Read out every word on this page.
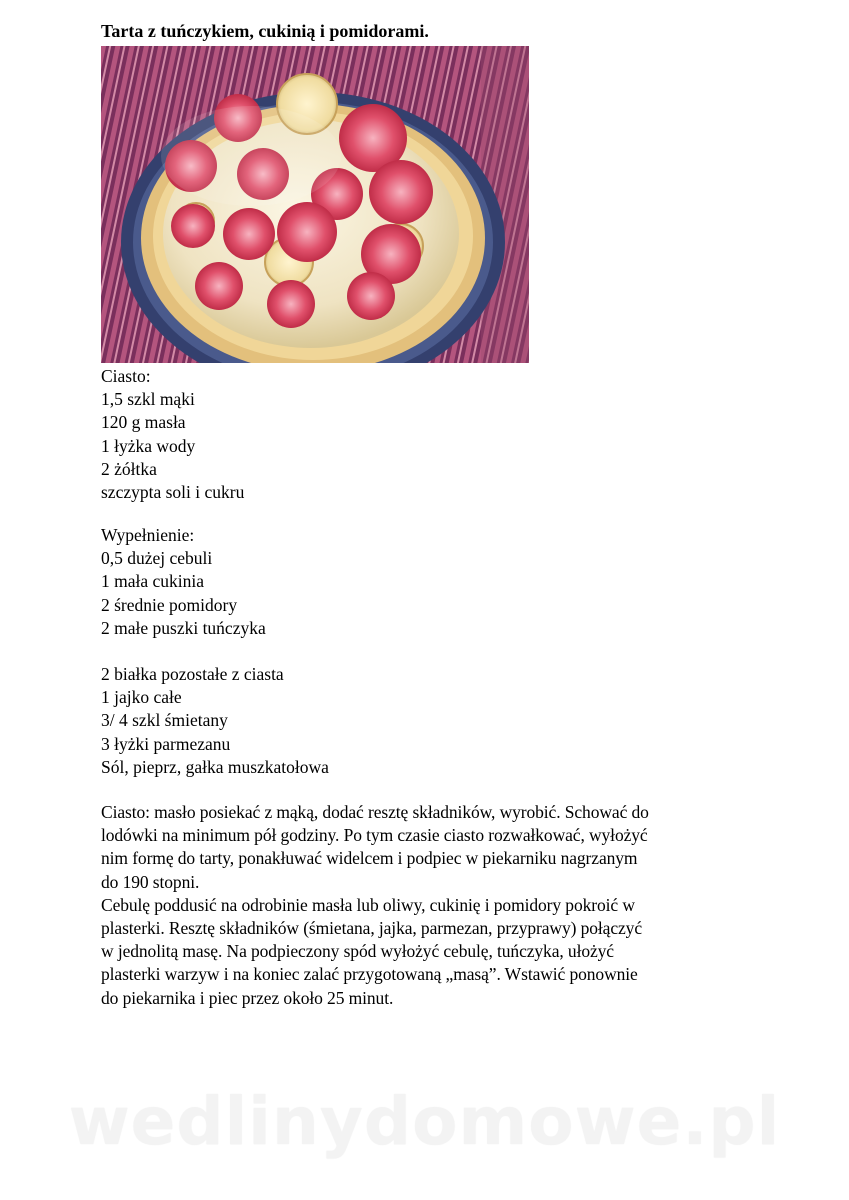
Tarta z tuńczykiem, cukinią i pomidorami.
Ciasto:
1,5 szkl mąki
120 g masła
1 łyżka wody
2 żółtka
szczypta soli i cukru
Wypełnienie:
0,5 dużej cebuli
1 mała cukinia
2 średnie pomidory
2 małe puszki tuńczyka
2 białka pozostałe z ciasta
1 jajko całe
3/ 4 szkl śmietany
3 łyżki parmezanu
Sól, pieprz, gałka muszkatołowa
Ciasto: masło posiekać z mąką, dodać resztę składników, wyrobić. Schować do
lodówki na minimum pół godziny. Po tym czasie ciasto rozwałkować, wyłożyć
nim formę do tarty, ponakłuwać widelcem i podpiec w piekarniku nagrzanym
do 190 stopni.
Cebulę poddusić na odrobinie masła lub oliwy, cukinię i pomidory pokroić w
plasterki. Resztę składników (śmietana, jajka, parmezan, przyprawy) połączyć
w jednolitą masę. Na podpieczony spód wyłożyć cebulę, tuńczyka, ułożyć
plasterki warzyw i na koniec zalać przygotowaną „masą”. Wstawić ponownie
do piekarnika i piec przez około 25 minut.
wedlinydomowe.pl
